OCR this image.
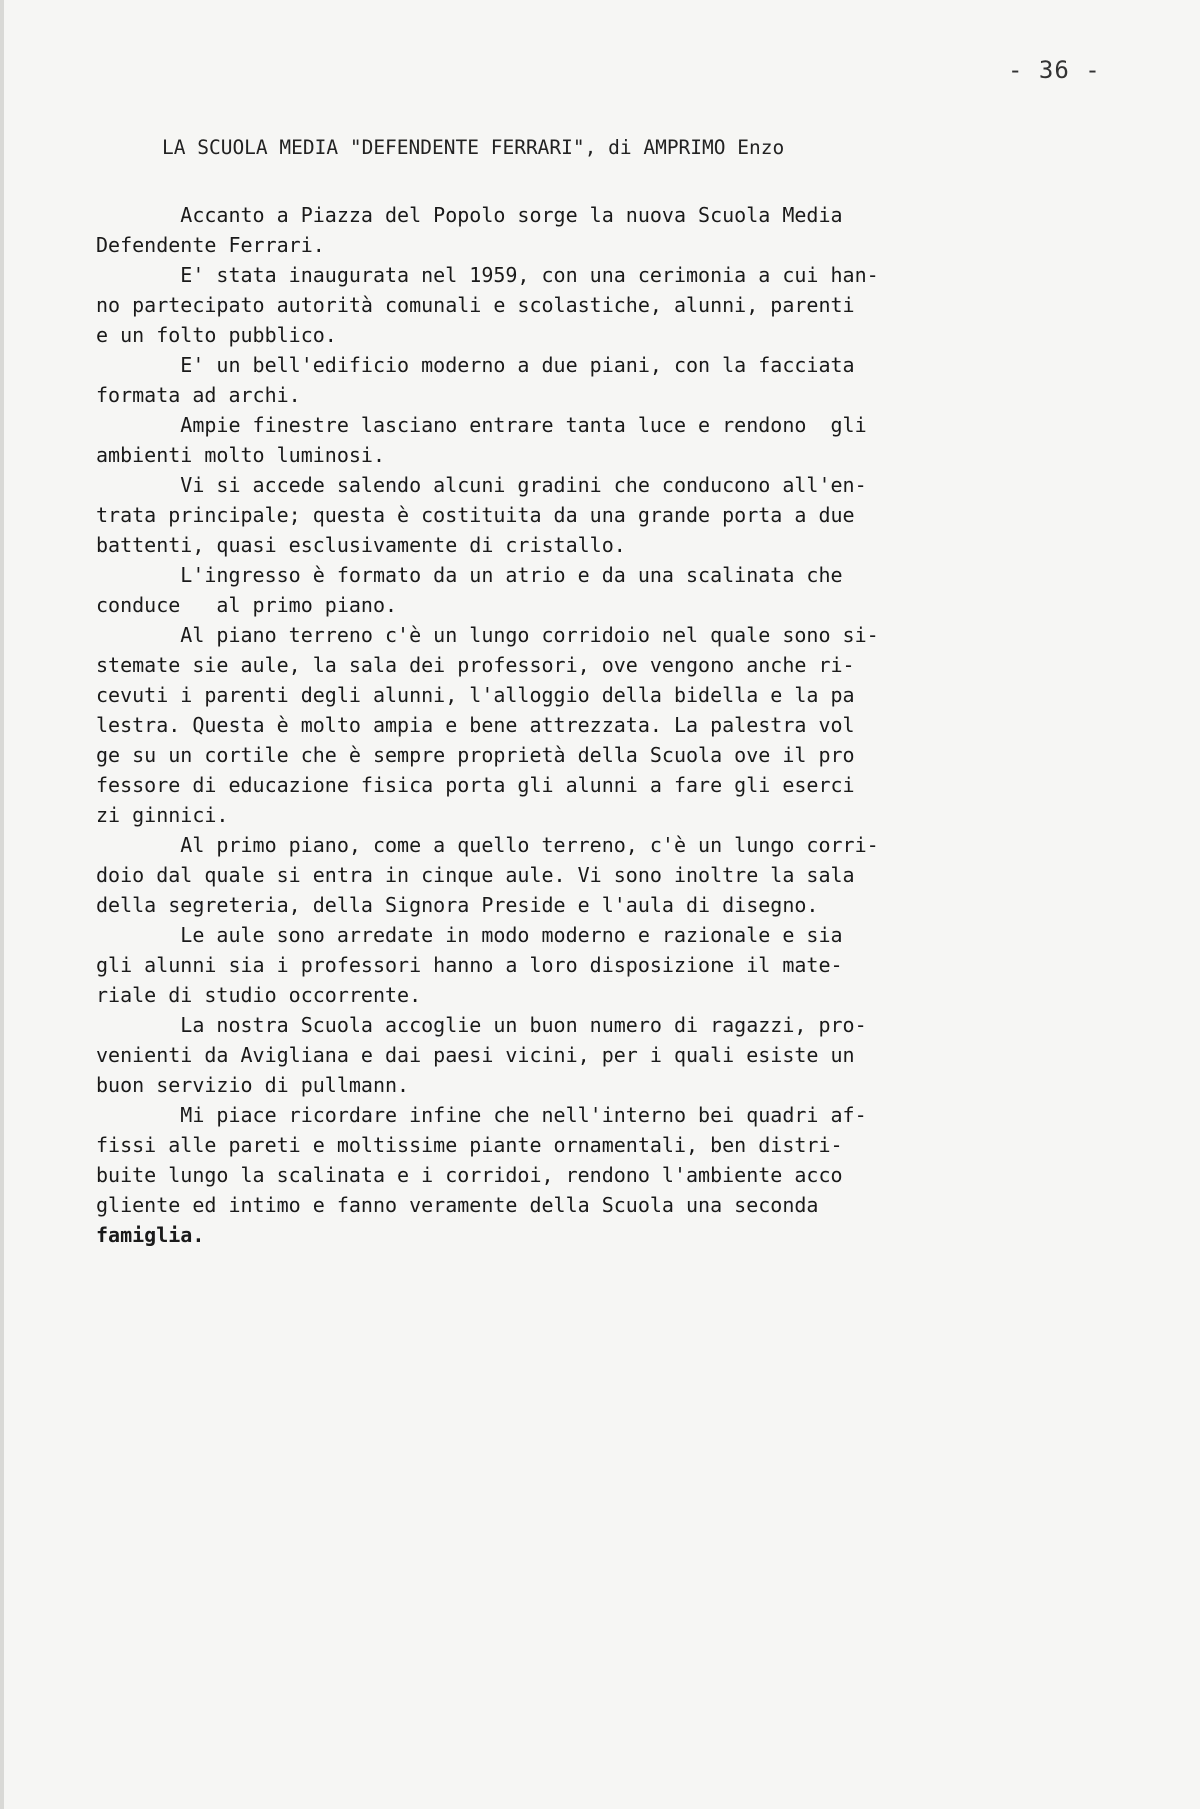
- 36 -
LA SCUOLA MEDIA "DEFENDENTE FERRARI", di AMPRIMO Enzo
Accanto a Piazza del Popolo sorge la nuova Scuola Media
Defendente Ferrari.
E' stata inaugurata nel 1959, con una cerimonia a cui han-
no partecipato autorità comunali e scolastiche, alunni, parenti
e un folto pubblico.
E' un bell'edificio moderno a due piani, con la facciata
formata ad archi.
Ampie finestre lasciano entrare tanta luce e rendono  gli
ambienti molto luminosi.
Vi si accede salendo alcuni gradini che conducono all'en-
trata principale; questa è costituita da una grande porta a due
battenti, quasi esclusivamente di cristallo.
L'ingresso è formato da un atrio e da una scalinata che
conduce   al primo piano.
Al piano terreno c'è un lungo corridoio nel quale sono si-
stemate sie aule, la sala dei professori, ove vengono anche ri-
cevuti i parenti degli alunni, l'alloggio della bidella e la pa
lestra. Questa è molto ampia e bene attrezzata. La palestra vol
ge su un cortile che è sempre proprietà della Scuola ove il pro
fessore di educazione fisica porta gli alunni a fare gli eserci
zi ginnici.
Al primo piano, come a quello terreno, c'è un lungo corri-
doio dal quale si entra in cinque aule. Vi sono inoltre la sala
della segreteria, della Signora Preside e l'aula di disegno.
Le aule sono arredate in modo moderno e razionale e sia
gli alunni sia i professori hanno a loro disposizione il mate-
riale di studio occorrente.
La nostra Scuola accoglie un buon numero di ragazzi, pro-
venienti da Avigliana e dai paesi vicini, per i quali esiste un
buon servizio di pullmann.
Mi piace ricordare infine che nell'interno bei quadri af-
fissi alle pareti e moltissime piante ornamentali, ben distri-
buite lungo la scalinata e i corridoi, rendono l'ambiente acco
gliente ed intimo e fanno veramente della Scuola una seconda
famiglia.
